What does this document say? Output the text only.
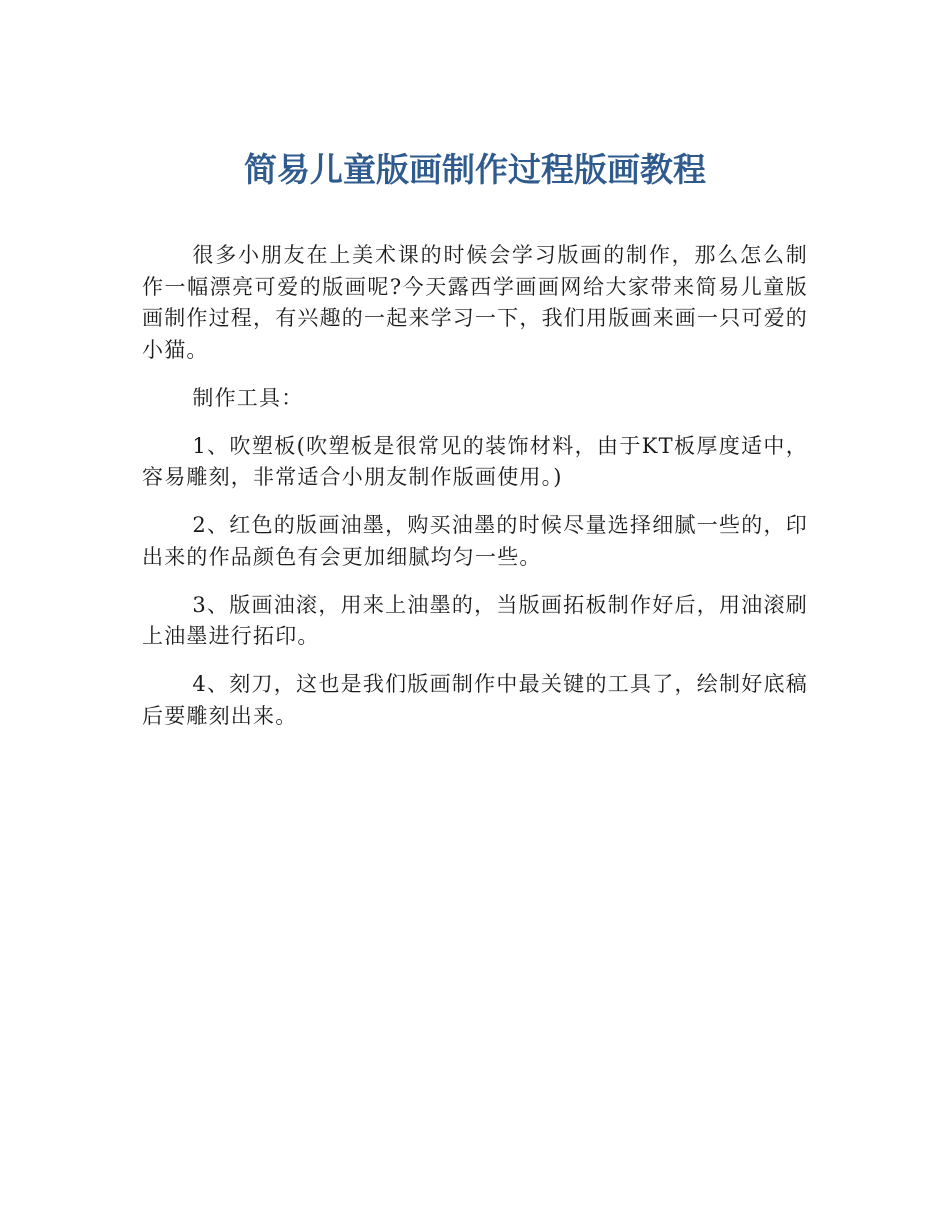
简易儿童版画制作过程版画教程

很多小朋友在上美术课的时候会学习版画的制作，那么怎么制作一幅漂亮可爱的版画呢?今天露西学画画网给大家带来简易儿童版画制作过程，有兴趣的一起来学习一下，我们用版画来画一只可爱的小猫。

制作工具：

1、吹塑板(吹塑板是很常见的装饰材料，由于KT板厚度适中，容易雕刻，非常适合小朋友制作版画使用。)

2、红色的版画油墨，购买油墨的时候尽量选择细腻一些的，印出来的作品颜色有会更加细腻均匀一些。

3、版画油滚，用来上油墨的，当版画拓板制作好后，用油滚刷上油墨进行拓印。

4、刻刀，这也是我们版画制作中最关键的工具了，绘制好底稿后要雕刻出来。
